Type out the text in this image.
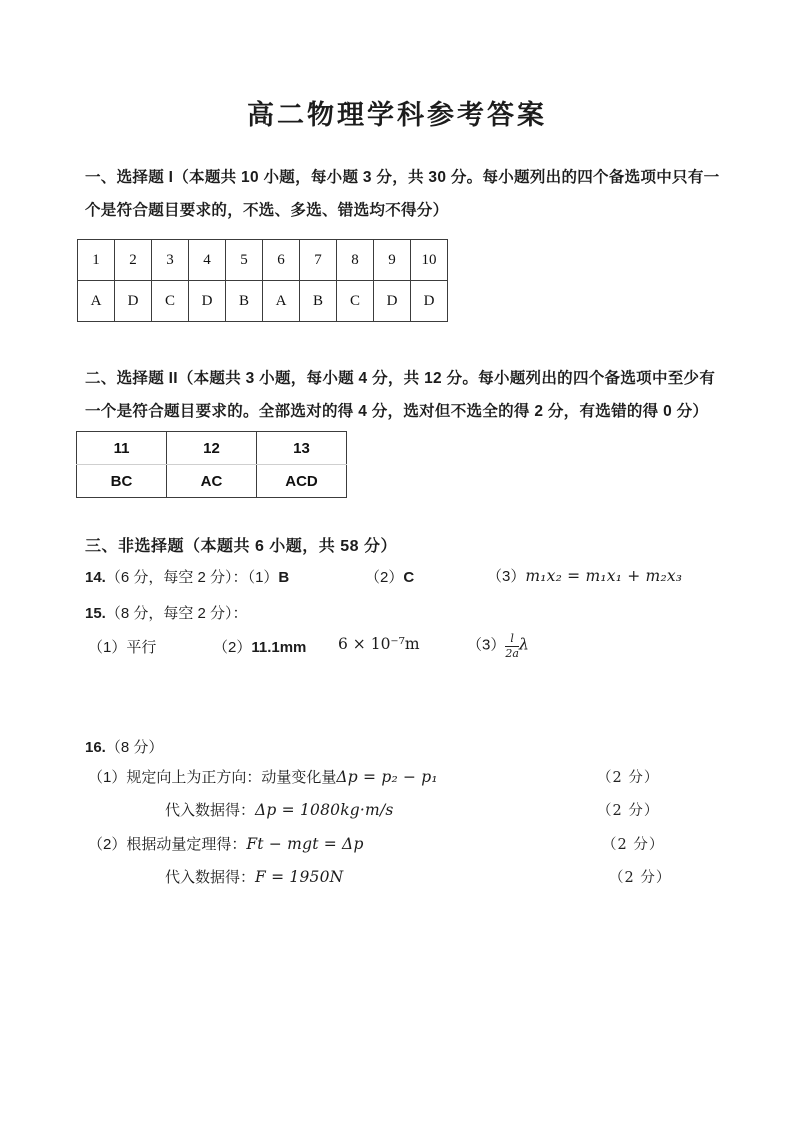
高二物理学科参考答案

一、选择题 I（本题共 10 小题，每小题 3 分，共 30 分。每小题列出的四个备选项中只有一个是符合题目要求的，不选、多选、错选均不得分）

1	2	3	4	5	6	7	8	9	10
A	D	C	D	B	A	B	C	D	D

二、选择题 II（本题共 3 小题，每小题 4 分，共 12 分。每小题列出的四个备选项中至少有一个是符合题目要求的。全部选对的得 4 分，选对但不选全的得 2 分，有选错的得 0 分）

11	12	13
BC	AC	ACD

三、非选择题（本题共 6 小题，共 58 分）

14.（6 分，每空 2 分）：（1）B	（2）C	（3）m₁x₂ = m₁x₁ + m₂x₃
15.（8 分，每空 2 分）：
（1）平行	（2）11.1mm 6 × 10⁻⁷m	$(3) \frac{l}{2a}$ λ
16.（8 分）
（1）规定向上为正方向：动量变化量Δp = p₂ − p₁	（2 分）
代入数据得：Δp = 1080kg·m/s	（2 分）
（2）根据动量定理得：Ft − mgt = Δp	（2 分）
代入数据得：F = 1950N	（2 分）
